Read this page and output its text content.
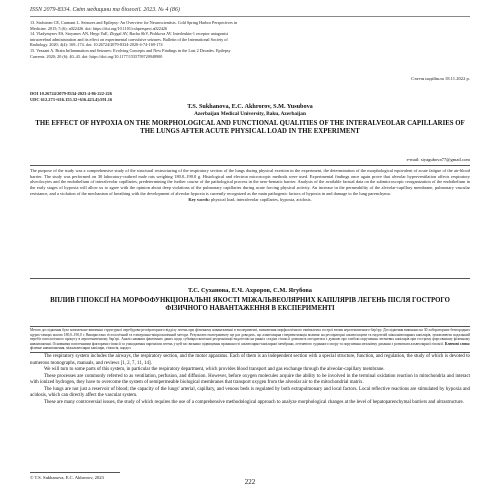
ISSN 2079-8334. Світ медицини та біології. 2023. № 4 (86)
13. Stafstrom CE, Carmant L. Seizures and Epilepsy: An Overview for Neuroscientists. Cold Spring Harbor Perspectives in
Medicine. 2015; 5 (6): a022426. doi: https://doi.org/10.1101/cshperspect.a022426
14. Vladymyrov ES, Stoyanov AN, Hnyp YuE, Zhygal AV, Bacha ShV, Pishkova AV. Interleukin-1 receptor antagonist
intracerebral administration and its effect on experimental convulsive seizures. Bulletin of the International Society of
Radiology. 2020; 4(4): 169–174. doi: 10.26724/2079-8334-2020-4-74-169-174
15. Vezzani A. Brain Inflammation and Seizures: Evolving Concepts and New Findings in the Last 2 Decades. Epilepsy
Currents. 2020; 20 (6): 40–43. doi: https://doi.org/10.1177/1535759720948900
Стаття надійшла 18.11.2022 р.
DOI 10.26724/2079-8334-2023-4-86-222-226
UDC 612.273+616.155.32+616.423.4]:591.16
T.S. Sukhanova, E.C. Akhrorov, S.M. Yusubova
Azerbaijan Medical University, Baku, Azerbaijan
THE EFFECT OF HYPOXIA ON THE MORPHOLOGICAL AND FUNCTIONAL QUALITIES OF THE INTERALVEOLAR CAPILLARIES OF THE LUNGS AFTER ACUTE PHYSICAL LOAD IN THE EXPERIMENT
e-mail: siyagubova77@gmail.com
The purpose of the study was a comprehensive study of the structural restructuring of the respiratory section of the lungs during physical exertion in the experiment, the determination of the morphological equivalent of acute fatigue of the air-blood barrier. The study was performed on 30 laboratory-outbred male rats weighing 180.0–190.0 g. Histological and electron microscopic methods were used. Experimental findings once again prove that alveolar hyperventilation affects respiratory alveolocytes and the endothelium of interalveolar capillaries, predetermining the further course of the pathological process in the aero-hematic barrier. Analysis of the available factual data on the submicroscopic reorganization of the endothelium in the early stages of hypoxia will allow us to agree with the opinion about deep violations of the pulmonary capillaries during acute forcing physical activity. An increase in the permeability of the alveolar-capillary membrane, pulmonary vascular resistance, and a violation of the mechanism of breathing with the development of alveolar hypoxia is currently recognized as the main pathogenic factors of hypoxia in and damage to the lung parenchyma.
Key words: physical load, interalveolar capillaries, hypoxia, acidosis.
Т.С. Суханова, Е.Ч. Ахроров, С.М. Ягубова
ВПЛИВ ГІПОКСІЇ НА МОРФОФУНКЦІОНАЛЬНІ ЯКОСТІ МІЖАЛЬВЕОЛЯРНИХ КАПІЛЯРІВ ЛЕГЕНЬ ПІСЛЯ ГОСТРОГО ФІЗИЧНОГО НАВАНТАЖЕННЯ В ЕКСПЕРИМЕНТІ
Метою дослідження було комплексне вивчення структурної перебудови респіраторного відділу легень при фізичному навантаженні в експерименті, визначення морфологічного еквівалента гострої втоми аерогематичного бар'єру. Дослідження виконано на 30 лабораторних безпородних щурах-самцях масою 180,0–190,0 г. Використано гістологічний та електронно-мікроскопічний методи. Результати експерименту ще раз доводять, що альвеолярна гіпервентиляція впливає на респіраторні альвеолоцити та ендотелій міжальвеолярних капілярів, зумовлюючи подальший перебіг патологічного процесу в аерогематичному бар'єрі. Аналіз наявних фактичних даних щодо субмікроскопічної реорганізації ендотелію на ранніх стадіях гіпоксії дозволить погодитися з думкою про глибокі порушення легеневих капілярів при гострому форсованому фізичному навантаженні. Основними патогенними факторами гіпоксії та ушкодження паренхіми легень у цей час визнано підвищення проникності альвеолярно-капілярної мембрани, легеневого судинного опору та порушення механізму дихання з розвитком альвеолярної гіпоксії. Ключові слова: фізичне навантаження, міжальвеолярні капіляри, гіпоксія, ацидоз.
The respiratory system includes the airways, the respiratory section, and the motor apparatus. Each of them is an independent section with a special structure, function, and regulation, the study of which is devoted to numerous monographs, manuals, and reviews [1, 2, 7, 11, 14].
We will turn to some parts of this system, in particular the respiratory department, which provides blood transport and gas exchange through the alveolar-capillary membrane.
These processes are commonly referred to as ventilation, perfusion, and diffusion. However, before oxygen molecules acquire the ability to be involved in the terminal oxidation reaction in mitochondria and interact with ionized hydrogen, they have to overcome the system of semipermeable biological membranes that transport oxygen from the alveolar air to the mitochondrial matrix.
The lungs are not just a reservoir of blood; the capacity of the lungs' arterial, capillary, and venous beds is regulated by both extrapulmonary and local factors. Local reflective reactions are stimulated by hypoxia and acidosis, which can directly affect the vascular system.
These are many controversial issues, the study of which requires the use of a comprehensive methodological approach to analyze morphological changes at the level of hepatoparenchymal barriers and ultrastructure.
© T.S. Sukhanova, E.C. Akhrorov, 2023
222
